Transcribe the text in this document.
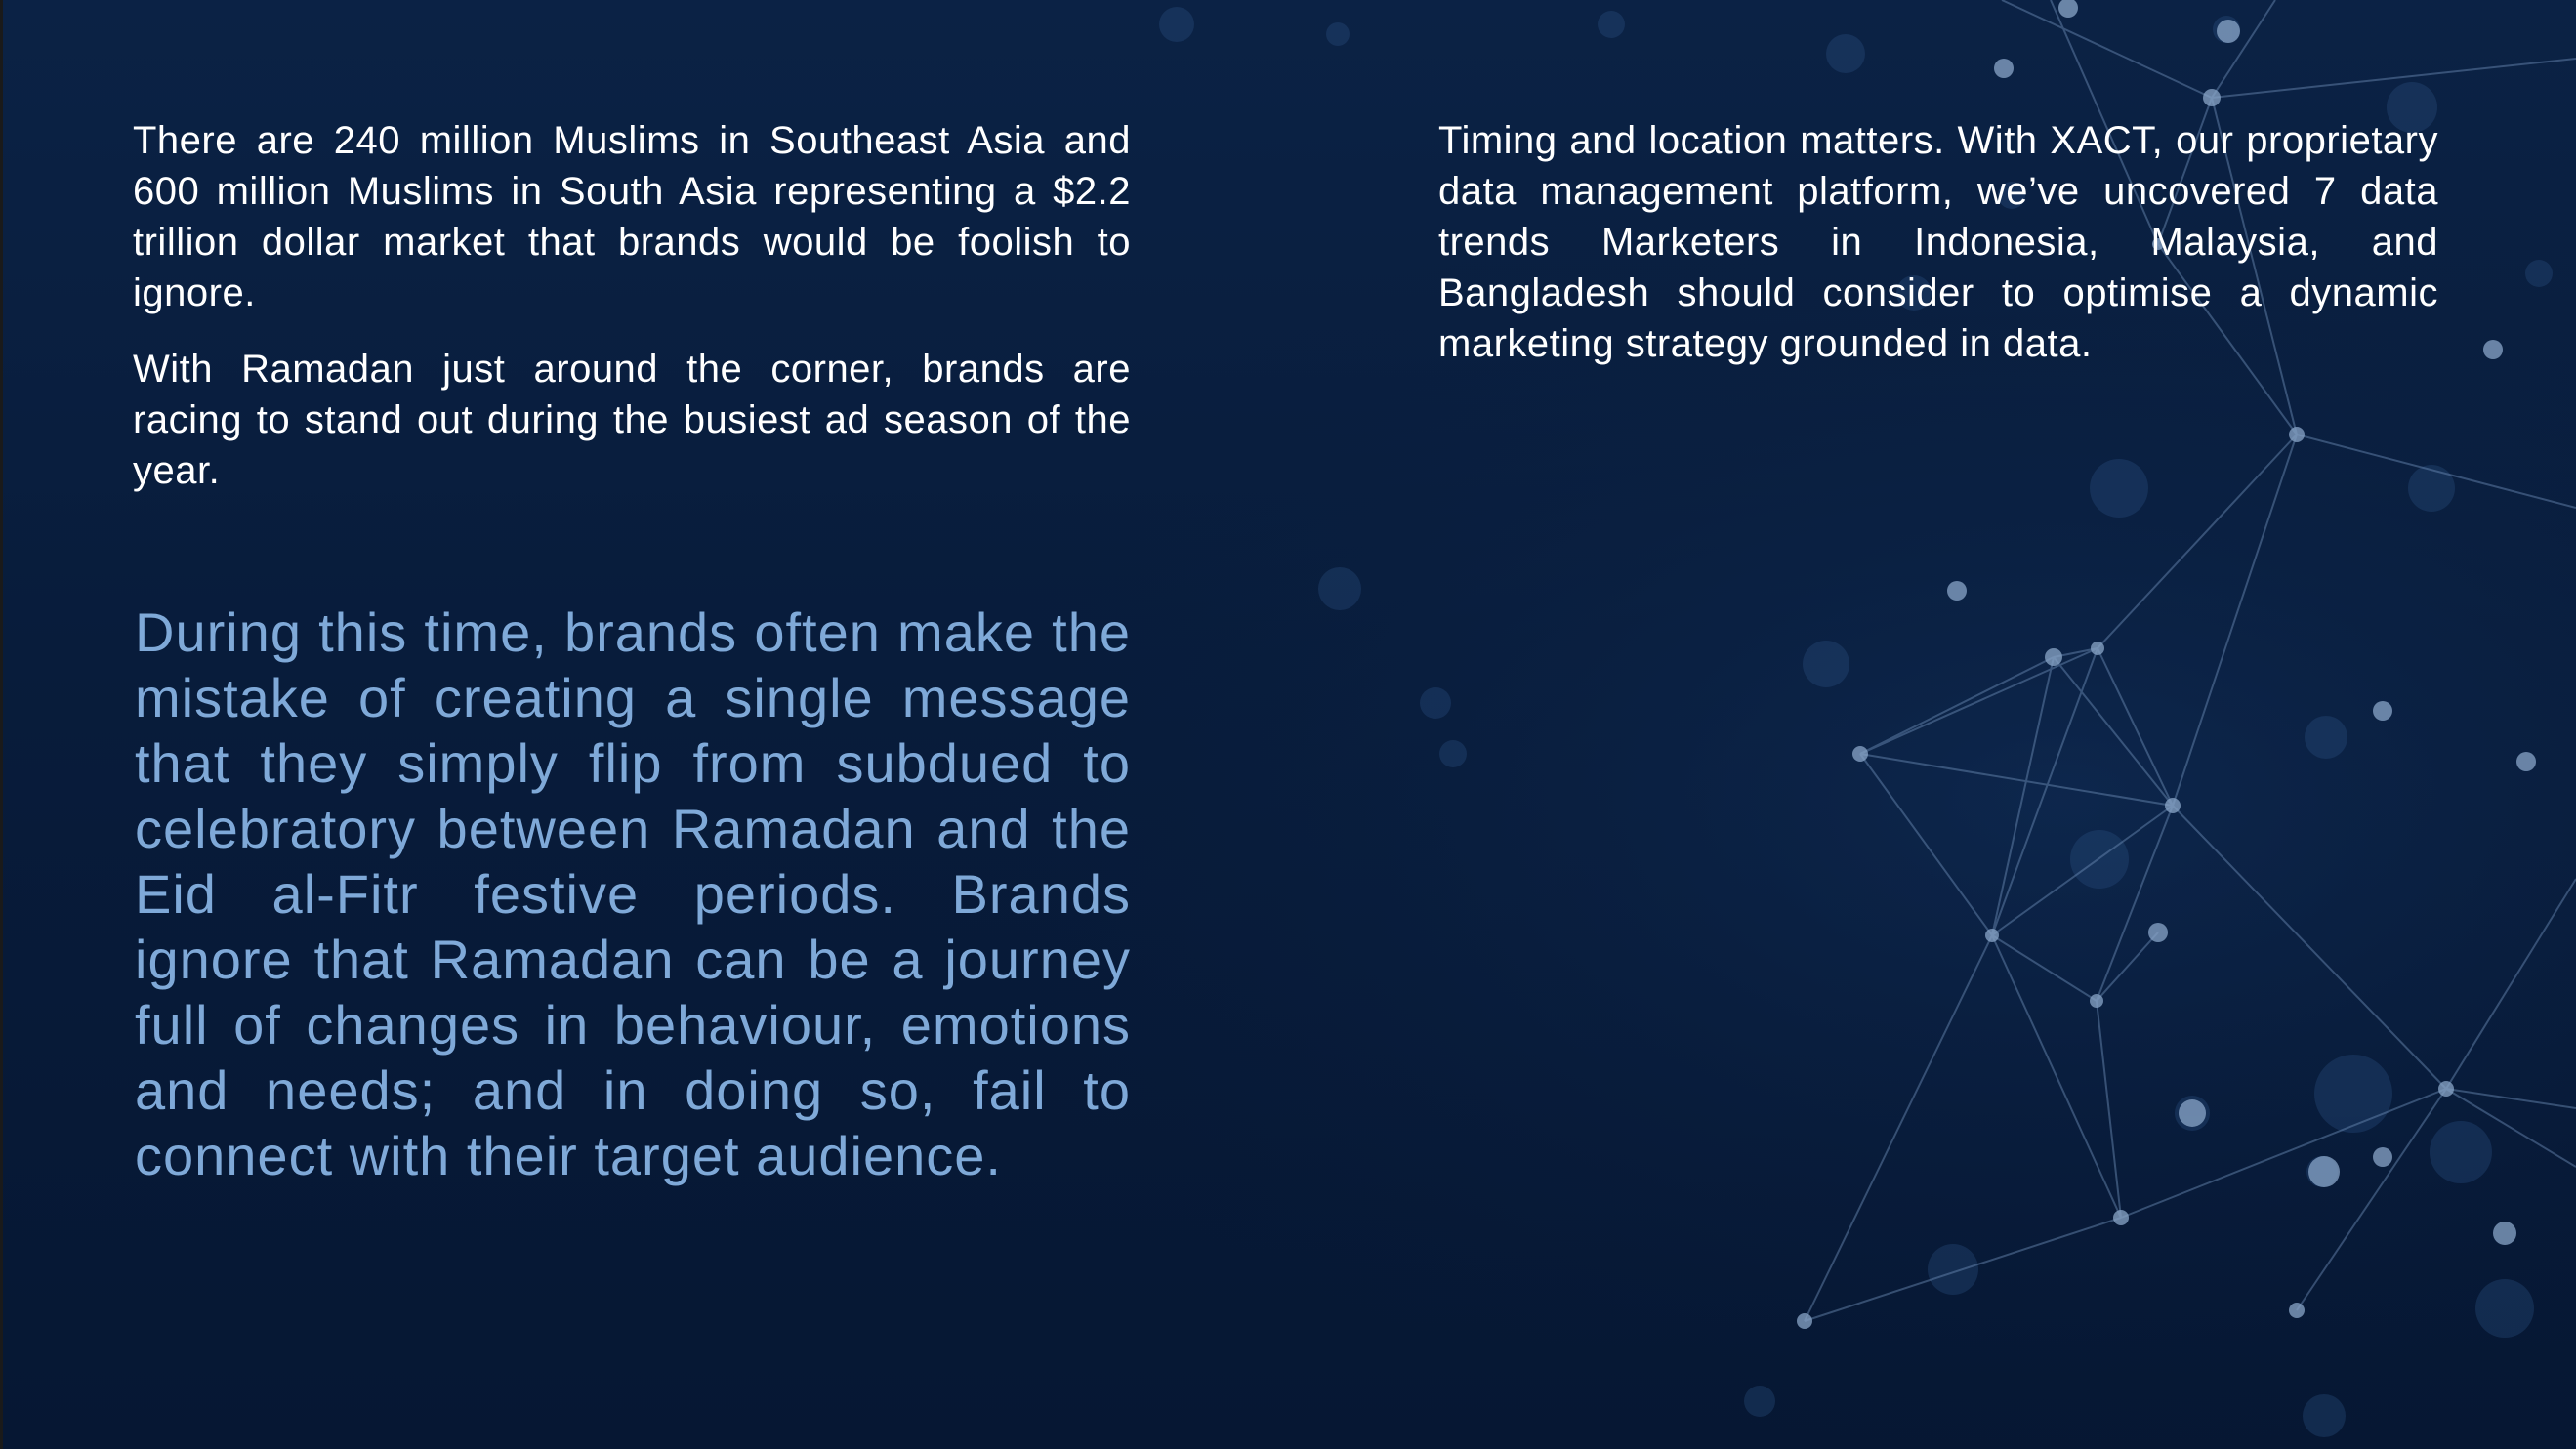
There are 240 million Muslims in Southeast Asia and 600 million Muslims in South Asia representing a $2.2 trillion dollar market that brands would be foolish to ignore.

With Ramadan just around the corner, brands are racing to stand out during the busiest ad season of the year.

Timing and location matters. With XACT, our proprietary data management platform, we’ve uncovered 7 data trends Marketers in Indonesia, Malaysia, and Bangladesh should consider to optimise a dynamic marketing strategy grounded in data.

During this time, brands often make the mistake of creating a single message that they simply flip from subdued to celebratory between Ramadan and the Eid al-Fitr festive periods. Brands ignore that Ramadan can be a journey full of changes in behaviour, emotions and needs; and in doing so, fail to connect with their target audience.
